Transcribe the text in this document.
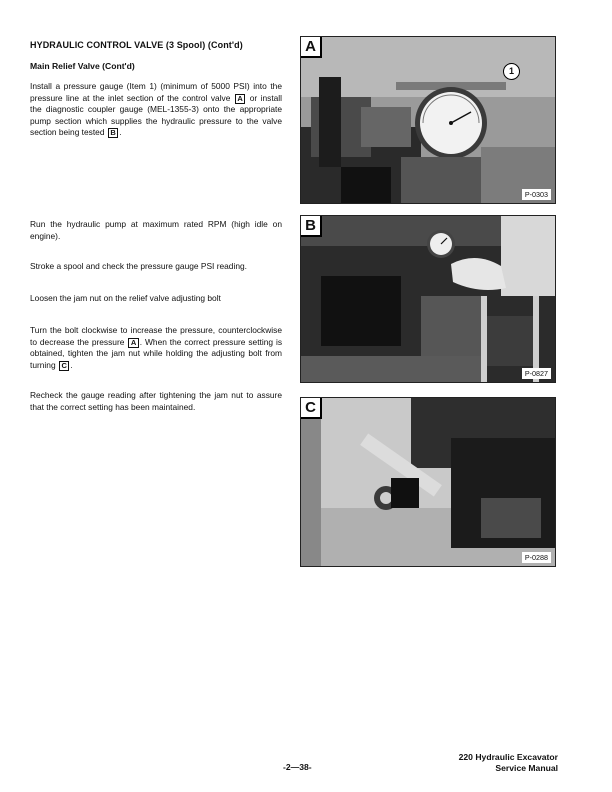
HYDRAULIC CONTROL VALVE (3 Spool) (Cont'd)
Main Relief Valve (Cont'd)

Install a pressure gauge (Item 1) (minimum of 5000 PSI) into the pressure line at the inlet section of the control valve A or install the diagnostic coupler gauge (MEL-1355-3) onto the appropriate pump section which supplies the hydraulic pressure to the valve section being tested B .

Run the hydraulic pump at maximum rated RPM (high idle on engine).

Stroke a spool and check the pressure gauge PSI reading.

Loosen the jam nut on the relief valve adjusting bolt

Turn the bolt clockwise to increase the pressure, counterclockwise to decrease the pressure A . When the correct pressure setting is obtained, tighten the jam nut while holding the adjusting bolt from turning C .

Recheck the gauge reading after tightening the jam nut to assure that the correct setting has been maintained.

A
1
P-0303
B
P-0827
C
P-0288
-2—38-
220 Hydraulic Excavator
Service Manual
